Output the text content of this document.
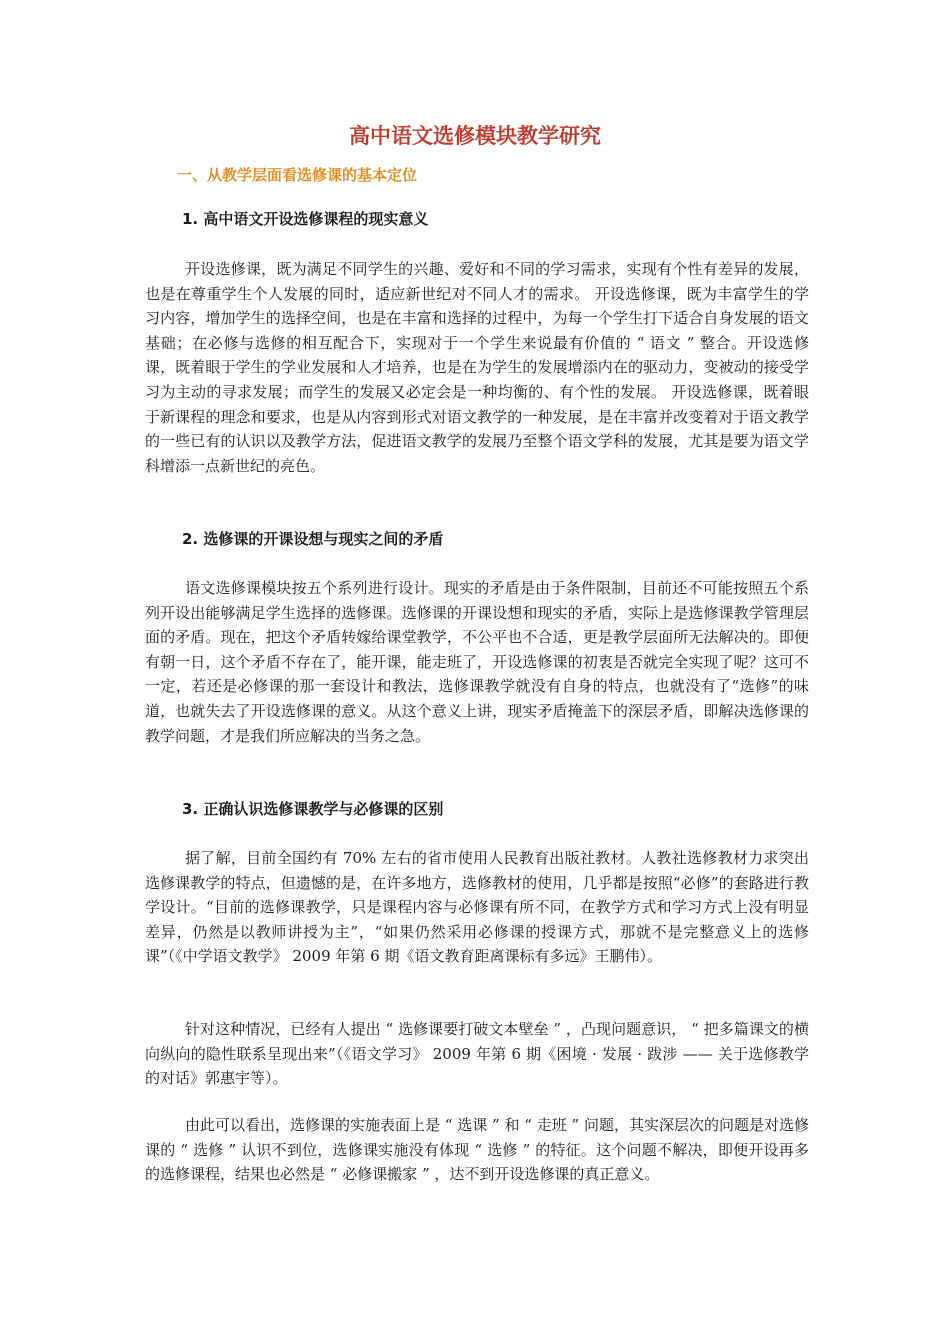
高中语文选修模块教学研究
一、从教学层面看选修课的基本定位
1. 高中语文开设选修课程的现实意义

开设选修课，既为满足不同学生的兴趣、爱好和不同的学习需求，实现有个性有差异的发展，也是在尊重学生个人发展的同时，适应新世纪对不同人才的需求。 开设选修课，既为丰富学生的学习内容，增加学生的选择空间，也是在丰富和选择的过程中，为每一个学生打下适合自身发展的语文基础；在必修与选修的相互配合下，实现对于一个学生来说最有价值的 “ 语文 ” 整合。开设选修课，既着眼于学生的学业发展和人才培养，也是在为学生的发展增添内在的驱动力，变被动的接受学习为主动的寻求发展；而学生的发展又必定会是一种均衡的、有个性的发展。 开设选修课，既着眼于新课程的理念和要求，也是从内容到形式对语文教学的一种发展，是在丰富并改变着对于语文教学的一些已有的认识以及教学方法，促进语文教学的发展乃至整个语文学科的发展，尤其是要为语文学科增添一点新世纪的亮色。

2. 选修课的开课设想与现实之间的矛盾

语文选修课模块按五个系列进行设计。现实的矛盾是由于条件限制，目前还不可能按照五个系列开设出能够满足学生选择的选修课。选修课的开课设想和现实的矛盾，实际上是选修课教学管理层面的矛盾。现在，把这个矛盾转嫁给课堂教学，不公平也不合适，更是教学层面所无法解决的。即便有朝一日，这个矛盾不存在了，能开课，能走班了，开设选修课的初衷是否就完全实现了呢？这可不一定，若还是必修课的那一套设计和教法，选修课教学就没有自身的特点，也就没有了“选修”的味道，也就失去了开设选修课的意义。从这个意义上讲，现实矛盾掩盖下的深层矛盾，即解决选修课的教学问题，才是我们所应解决的当务之急。

3. 正确认识选修课教学与必修课的区别

据了解，目前全国约有 70% 左右的省市使用人民教育出版社教材。人教社选修教材力求突出选修课教学的特点，但遗憾的是，在许多地方，选修教材的使用，几乎都是按照“必修”的套路进行教学设计。“目前的选修课教学，只是课程内容与必修课有所不同，在教学方式和学习方式上没有明显差异，仍然是以教师讲授为主”，“如果仍然采用必修课的授课方式，那就不是完整意义上的选修课”（《中学语文教学》 2009 年第 6 期《语文教育距离课标有多远》王鹏伟）。

针对这种情况，已经有人提出 “ 选修课要打破文本壁垒 ” ，凸现问题意识， “ 把多篇课文的横向纵向的隐性联系呈现出来”（《语文学习》 2009 年第 6 期《困境 · 发展 · 跋涉 —— 关于选修教学的对话》郭惠宇等）。

由此可以看出，选修课的实施表面上是 “ 选课 ” 和 “ 走班 ” 问题，其实深层次的问题是对选修课的 “ 选修 ” 认识不到位，选修课实施没有体现 “ 选修 ” 的特征。这个问题不解决，即便开设再多的选修课程，结果也必然是 “ 必修课搬家 ” ，达不到开设选修课的真正意义。
